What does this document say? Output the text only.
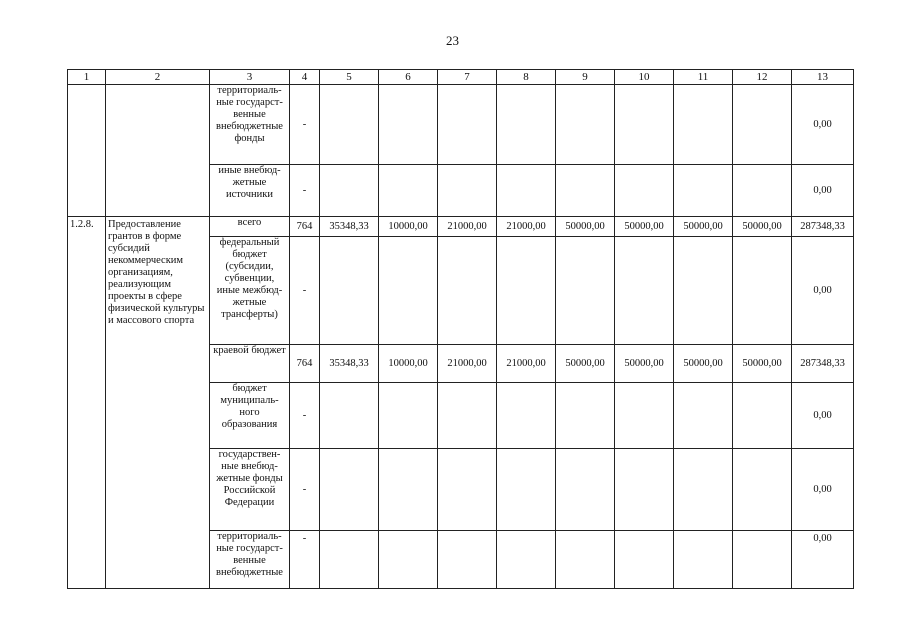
23
1	2	3	4	5	6	7	8	9	10	11	12	13
		территориаль-ные государст-венные внебюджетные фонды	-									0,00
		иные внебюд-жетные источники	-									0,00
1.2.8.	Предоставление грантов в форме субсидий некоммерческим организациям, реализующим проекты в сфере физической культуры и массового спорта	всего	764	35348,33	10000,00	21000,00	21000,00	50000,00	50000,00	50000,00	50000,00	287348,33
		федеральный бюджет (субсидии, субвенции, иные межбюд-жетные трансферты)	-									0,00
		краевой бюджет	764	35348,33	10000,00	21000,00	21000,00	50000,00	50000,00	50000,00	50000,00	287348,33
		бюджет муниципаль-ного образования	-									0,00
		государствен-ные внебюд-жетные фонды Российской Федерации	-									0,00
		территориаль-ные государст-венные внебюджетные	-									0,00
